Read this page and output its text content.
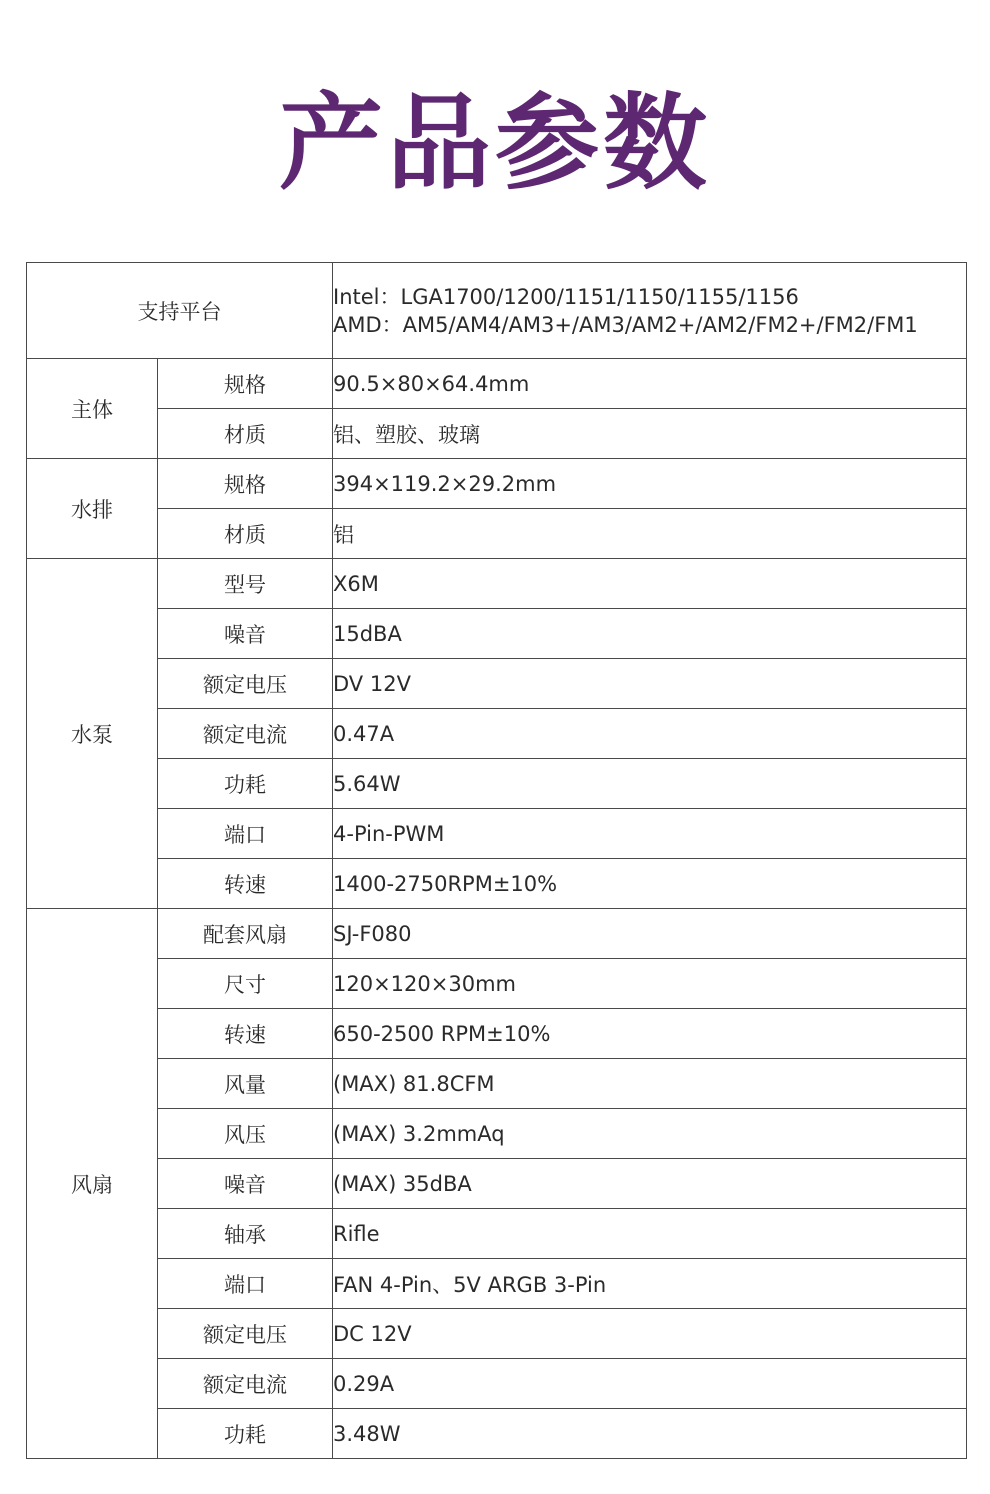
产品参数
支持平台		Intel：LGA1700/1200/1151/1150/1155/1156
AMD：AM5/AM4/AM3+/AM3/AM2+/AM2/FM2+/FM2/FM1

主体	规格	90.5×80×64.4mm
	材质	铝、塑胶、玻璃
水排	规格	394×119.2×29.2mm
	材质	铝
水泵	型号	X6M
	噪音	15dBA
	额定电压	DV 12V
	额定电流	0.47A
	功耗	5.64W
	端口	4-Pin-PWM
	转速	1400-2750RPM±10%
风扇	配套风扇	SJ-F080
	尺寸	120×120×30mm
	转速	650-2500 RPM±10%
	风量	(MAX) 81.8CFM
	风压	(MAX) 3.2mmAq
	噪音	(MAX) 35dBA
	轴承	Rifle
	端口	FAN 4-Pin、5V ARGB 3-Pin
	额定电压	DC 12V
	额定电流	0.29A
	功耗	3.48W
